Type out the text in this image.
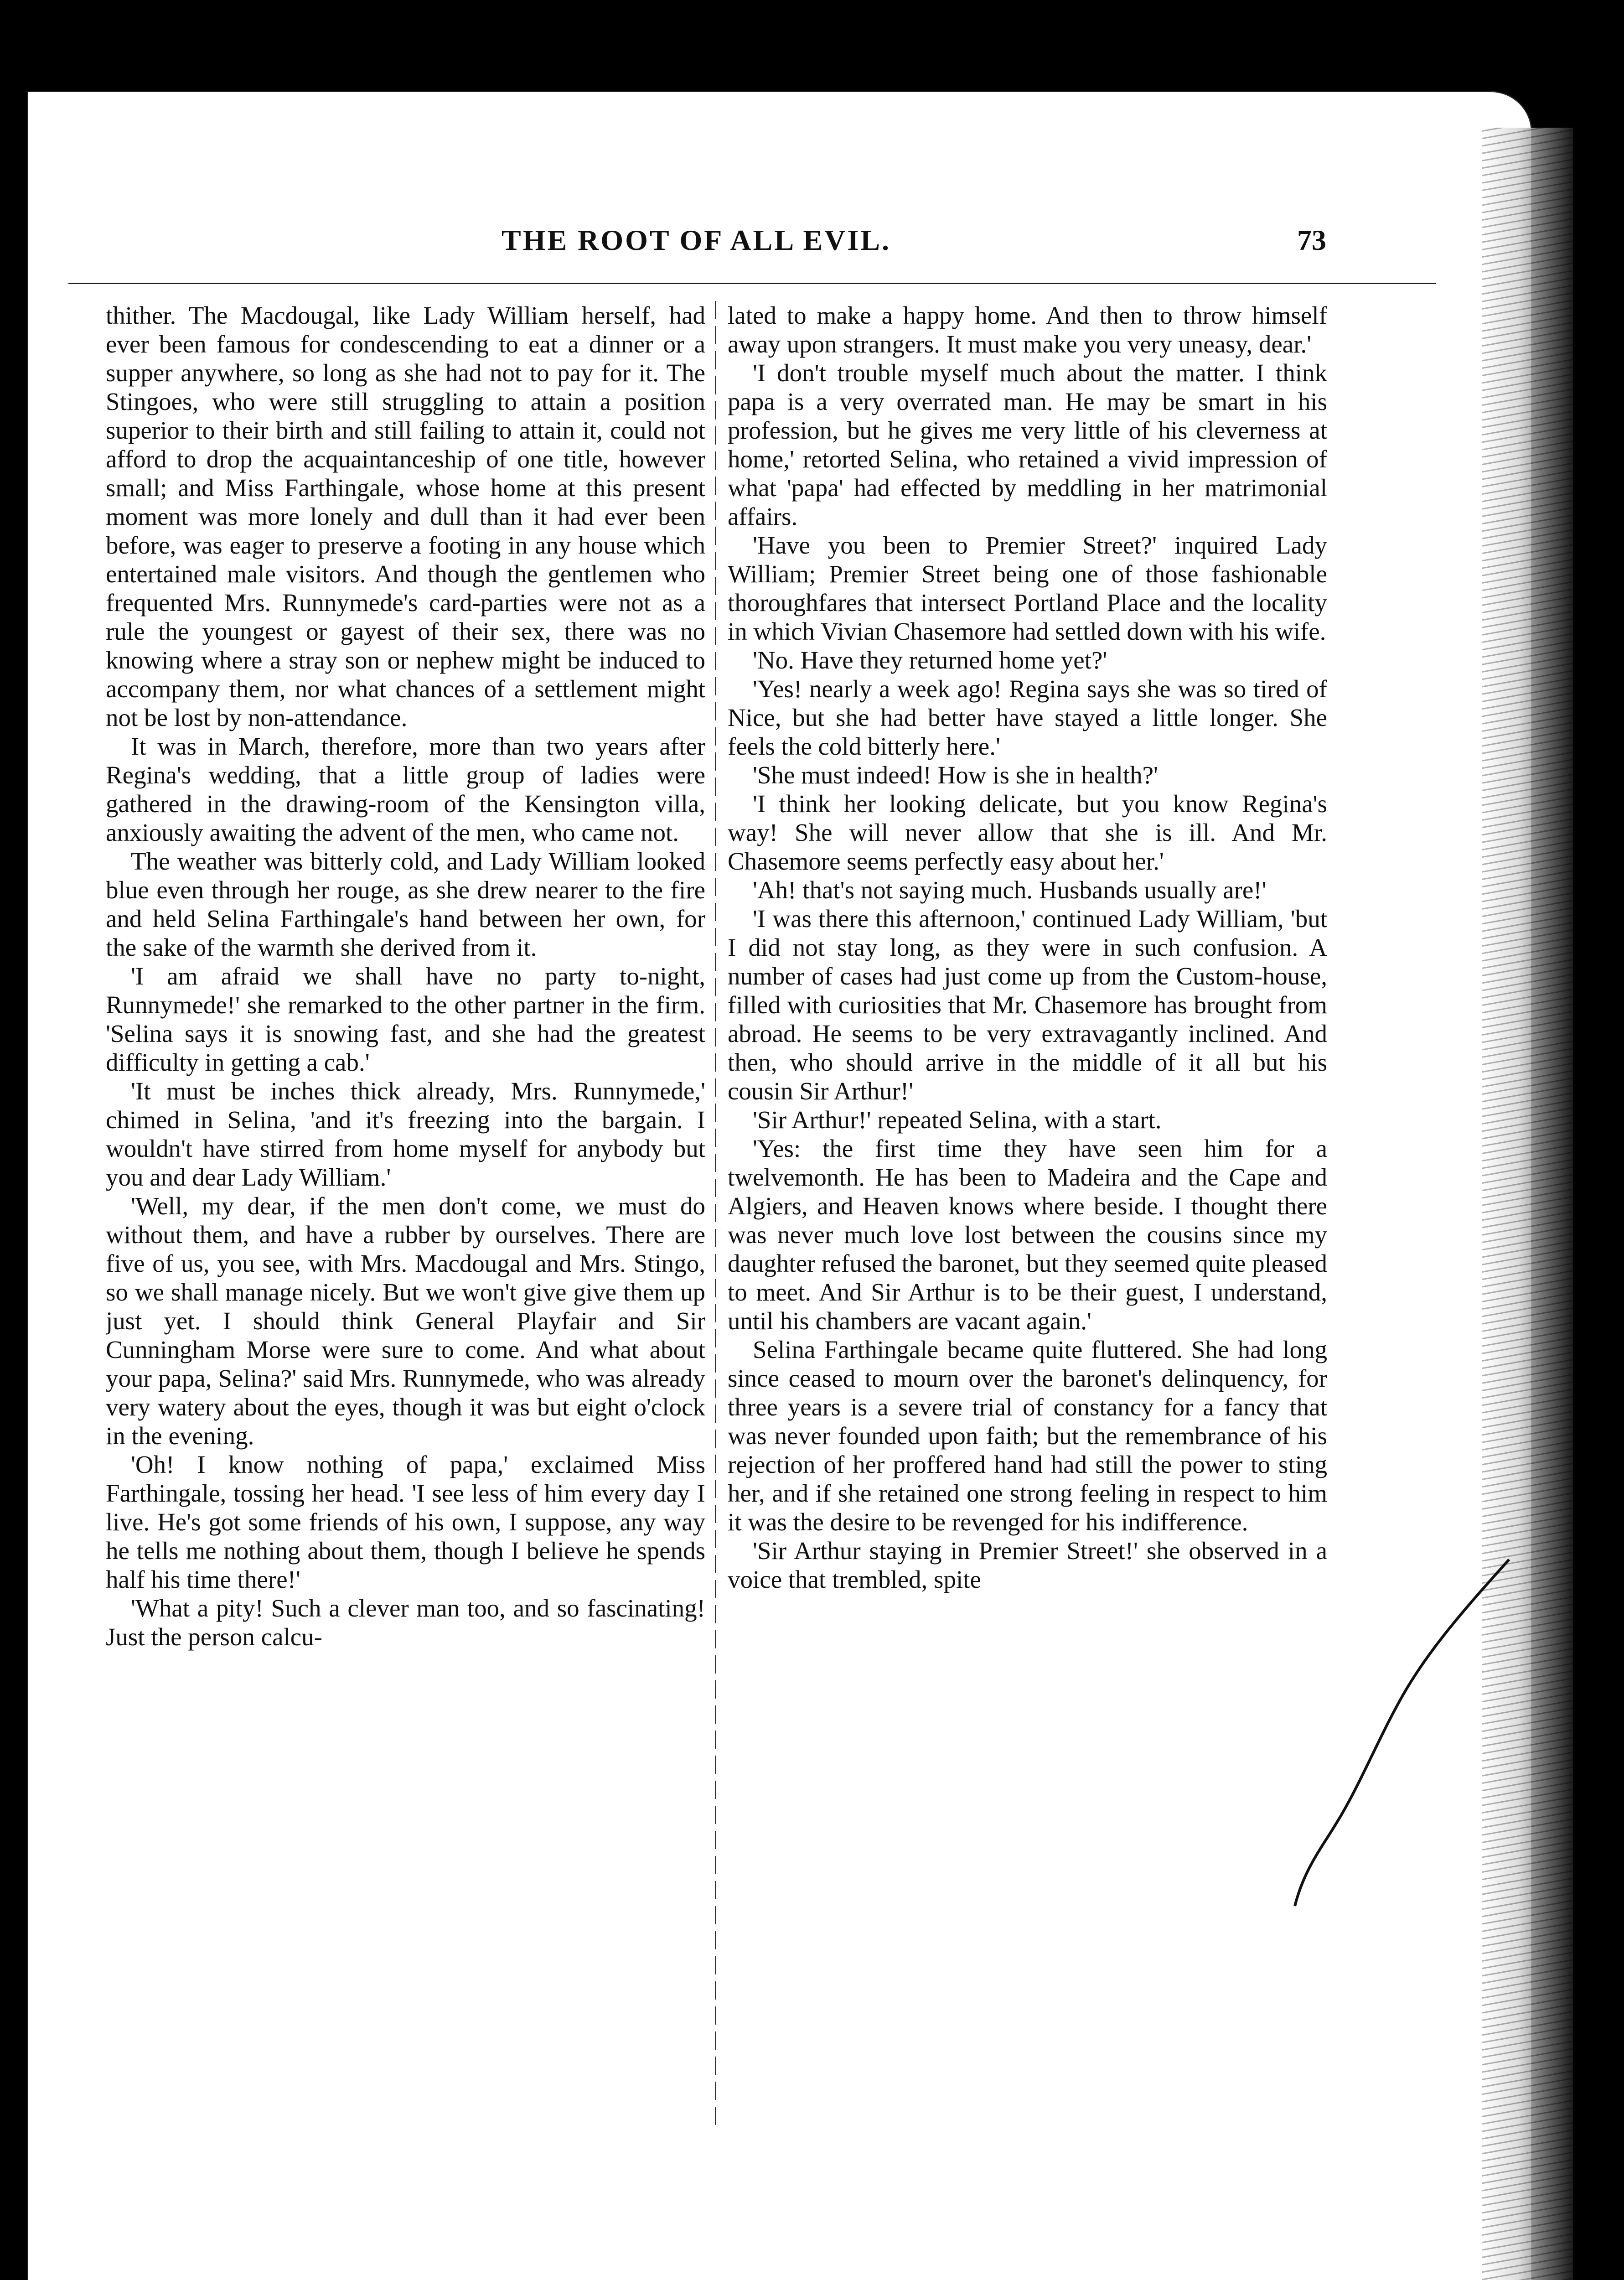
THE ROOT OF ALL EVIL.	73

thither. The Macdougal, like Lady William herself, had ever been famous for condescending to eat a dinner or a supper anywhere, so long as she had not to pay for it. The Stingoes, who were still struggling to attain a position superior to their birth and still failing to attain it, could not afford to drop the acquaintanceship of one title, however small; and Miss Farthingale, whose home at this present moment was more lonely and dull than it had ever been before, was eager to preserve a footing in any house which entertained male visitors. And though the gentlemen who frequented Mrs. Runnymede's card-parties were not as a rule the youngest or gayest of their sex, there was no knowing where a stray son or nephew might be induced to accompany them, nor what chances of a settlement might not be lost by non-attendance.

It was in March, therefore, more than two years after Regina's wedding, that a little group of ladies were gathered in the drawing-room of the Kensington villa, anxiously awaiting the advent of the men, who came not.

The weather was bitterly cold, and Lady William looked blue even through her rouge, as she drew nearer to the fire and held Selina Farthingale's hand between her own, for the sake of the warmth she derived from it.

'I am afraid we shall have no party to-night, Runnymede!' she remarked to the other partner in the firm. 'Selina says it is snowing fast, and she had the greatest difficulty in getting a cab.'

'It must be inches thick already, Mrs. Runnymede,' chimed in Selina, 'and it's freezing into the bargain. I wouldn't have stirred from home myself for anybody but you and dear Lady William.'

'Well, my dear, if the men don't come, we must do without them, and have a rubber by ourselves. There are five of us, you see, with Mrs. Macdougal and Mrs. Stingo, so we shall manage nicely. But we won't give give them up just yet. I should think General Playfair and Sir Cunningham Morse were sure to come. And what about your papa, Selina?' said Mrs. Runnymede, who was already very watery about the eyes, though it was but eight o'clock in the evening.

'Oh! I know nothing of papa,' exclaimed Miss Farthingale, tossing her head. 'I see less of him every day I live. He's got some friends of his own, I suppose, any way he tells me nothing about them, though I believe he spends half his time there!'

'What a pity! Such a clever man too, and so fascinating! Just the person calcu-

lated to make a happy home. And then to throw himself away upon strangers. It must make you very uneasy, dear.'

'I don't trouble myself much about the matter. I think papa is a very overrated man. He may be smart in his profession, but he gives me very little of his cleverness at home,' retorted Selina, who retained a vivid impression of what 'papa' had effected by meddling in her matrimonial affairs.

'Have you been to Premier Street?' inquired Lady William; Premier Street being one of those fashionable thoroughfares that intersect Portland Place and the locality in which Vivian Chasemore had settled down with his wife.

'No. Have they returned home yet?'

'Yes! nearly a week ago! Regina says she was so tired of Nice, but she had better have stayed a little longer. She feels the cold bitterly here.'

'She must indeed! How is she in health?'

'I think her looking delicate, but you know Regina's way! She will never allow that she is ill. And Mr. Chasemore seems perfectly easy about her.'

'Ah! that's not saying much. Husbands usually are!'

'I was there this afternoon,' continued Lady William, 'but I did not stay long, as they were in such confusion. A number of cases had just come up from the Custom-house, filled with curiosities that Mr. Chasemore has brought from abroad. He seems to be very extravagantly inclined. And then, who should arrive in the middle of it all but his cousin Sir Arthur!'

'Sir Arthur!' repeated Selina, with a start.

'Yes: the first time they have seen him for a twelvemonth. He has been to Madeira and the Cape and Algiers, and Heaven knows where beside. I thought there was never much love lost between the cousins since my daughter refused the baronet, but they seemed quite pleased to meet. And Sir Arthur is to be their guest, I understand, until his chambers are vacant again.'

Selina Farthingale became quite fluttered. She had long since ceased to mourn over the baronet's delinquency, for three years is a severe trial of constancy for a fancy that was never founded upon faith; but the remembrance of his rejection of her proffered hand had still the power to sting her, and if she retained one strong feeling in respect to him it was the desire to be revenged for his indifference.

'Sir Arthur staying in Premier Street!' she observed in a voice that trembled, spite
